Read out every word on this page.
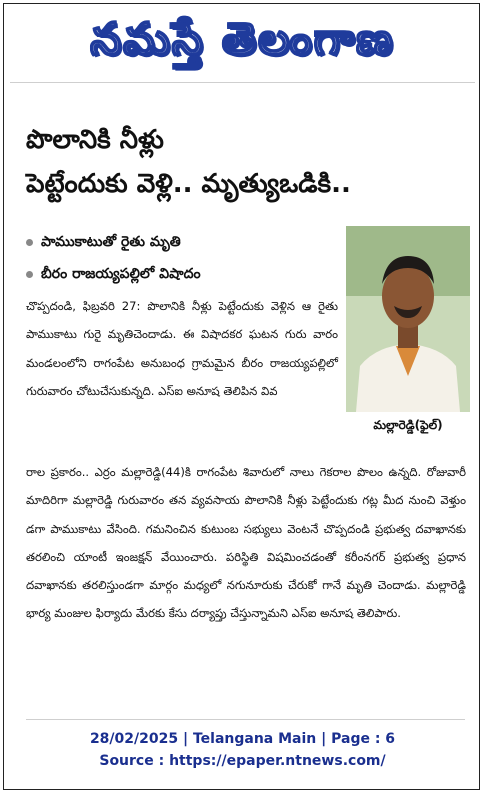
నమస్తే తెలంగాణ
పొలానికి నీళ్లు
పెట్టేందుకు వెళ్లి.. మృత్యుఒడికి..
పాముకాటుతో రైతు మృతి
బీరం రాజయ్యపల్లిలో విషాదం
మల్లారెడ్డి(ఫైల్)
చొప్పదండి, ఫిబ్రవరి 27: పొలానికి నీళ్లు పెట్టేందుకు వెళ్లిన ఆ రైతు పాముకాటు గురై మృతిచెందాడు. ఈ విషాదకర ఘటన గురు వారం మండలంలోని రాగంపేట అనుబంధ గ్రామమైన బీరం రాజయ్యపల్లిలో గురువారం చోటుచేసుకున్నది. ఎస్ఐ అనూష తెలిపిన వివ
రాల ప్రకారం.. ఎర్రం మల్లారెడ్డి(44)కి రాగంపేట శివారులో నాలు గెకరాల పొలం ఉన్నది. రోజువారీ మాదిరిగా మల్లారెడ్డి గురువారం తన వ్యవసాయ పొలానికి నీళ్లు పెట్టేందుకు గట్ల మీద నుంచి వెళ్తుం డగా పాముకాటు వేసింది. గమనించిన కుటుంబ సభ్యులు వెంటనే చొప్పదండి ప్రభుత్వ దవాఖానకు తరలించి యాంటీ ఇంజక్షన్ వేయించారు. పరిస్థితి విషమించడంతో కరీంనగర్ ప్రభుత్వ ప్రధాన దవాఖానకు తరలిస్తుండగా మార్గం మధ్యలో నగునూరుకు చేరుకో గానే మృతి చెందాడు. మల్లారెడ్డి భార్య మంజుల ఫిర్యాదు మేరకు కేసు దర్యాప్తు చేస్తున్నామని ఎస్ఐ అనూష తెలిపారు.
28/02/2025 | Telangana Main | Page : 6
Source : https://epaper.ntnews.com/
